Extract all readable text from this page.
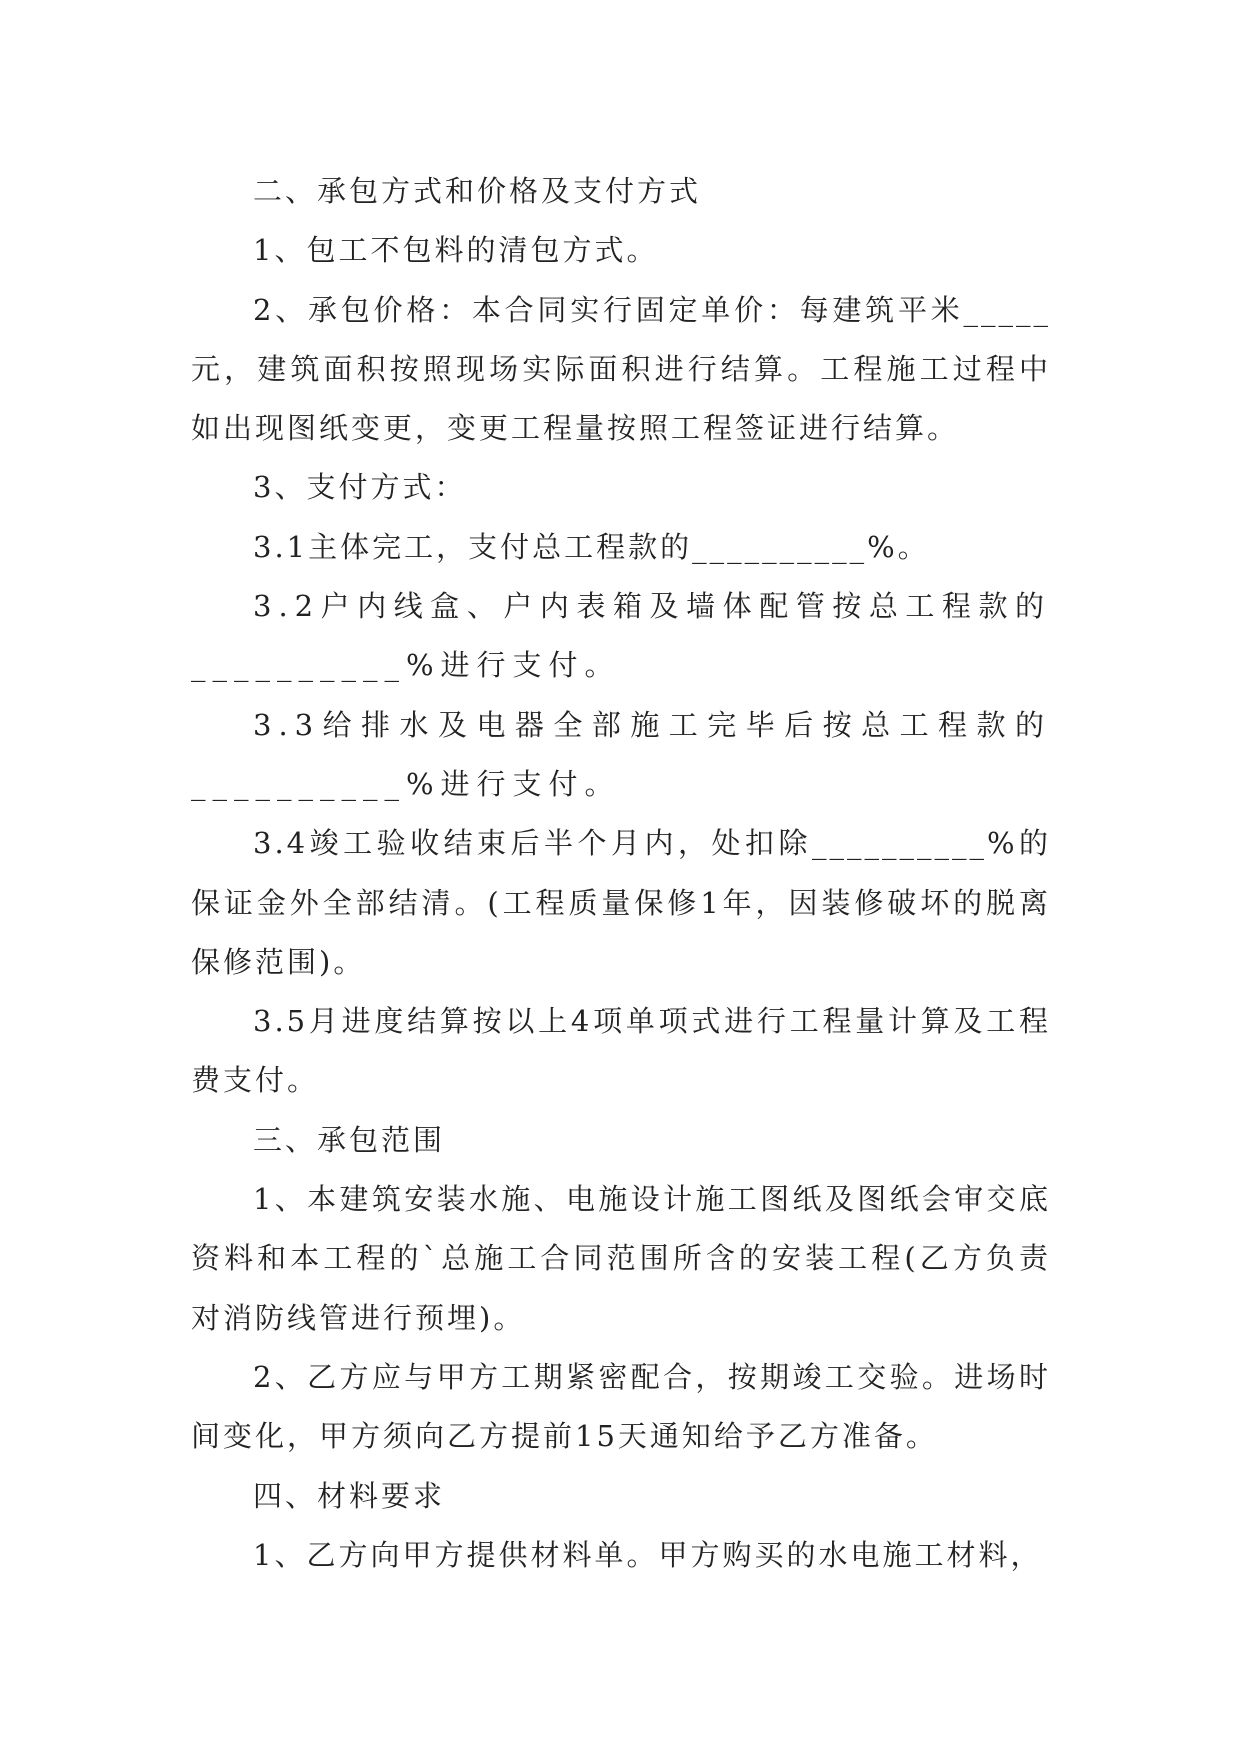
二、承包方式和价格及支付方式

1、包工不包料的清包方式。

2、承包价格：本合同实行固定单价：每建筑平米_____元，建筑面积按照现场实际面积进行结算。工程施工过程中如出现图纸变更，变更工程量按照工程签证进行结算。

3、支付方式：

3.1主体完工，支付总工程款的__________%。

3.2户内线盒、户内表箱及墙体配管按总工程款的__________%进行支付。

3.3给排水及电器全部施工完毕后按总工程款的__________%进行支付。

3.4竣工验收结束后半个月内，处扣除__________%的保证金外全部结清。(工程质量保修1年，因装修破坏的脱离保修范围)。

3.5月进度结算按以上4项单项式进行工程量计算及工程费支付。

三、承包范围

1、本建筑安装水施、电施设计施工图纸及图纸会审交底资料和本工程的`总施工合同范围所含的安装工程(乙方负责对消防线管进行预埋)。

2、乙方应与甲方工期紧密配合，按期竣工交验。进场时间变化，甲方须向乙方提前15天通知给予乙方准备。

四、材料要求

1、乙方向甲方提供材料单。甲方购买的水电施工材料，
